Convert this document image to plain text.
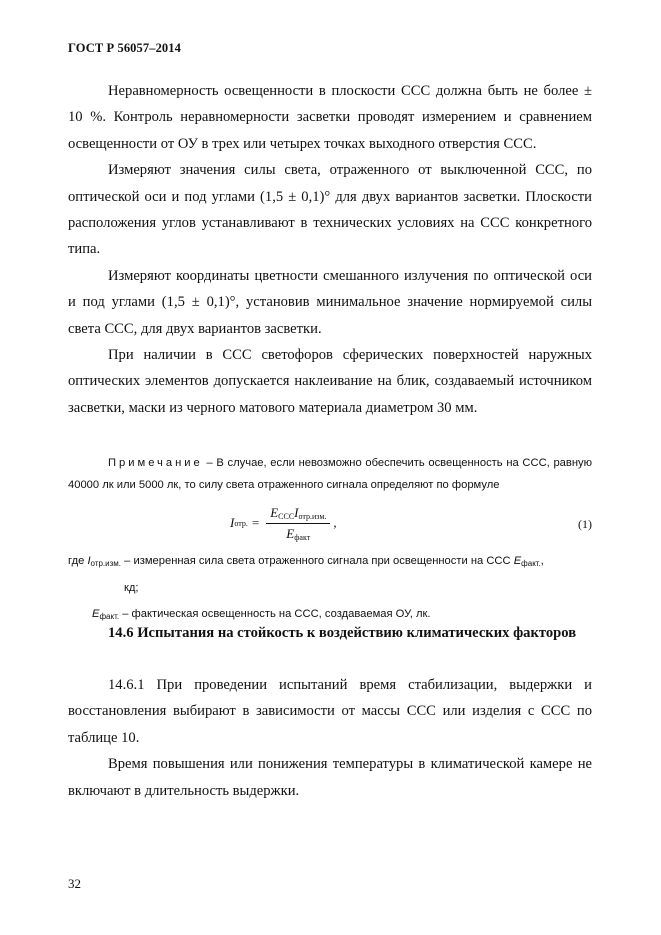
ГОСТ Р 56057–2014

Неравномерность освещенности в плоскости ССС должна быть не более ± 10 %. Контроль неравномерности засветки проводят измерением и сравнением освещенности от ОУ в трех или четырех точках выходного отверстия ССС.

Измеряют значения силы света, отраженного от выключенной ССС, по оптической оси и под углами (1,5 ± 0,1)° для двух вариантов засветки. Плоскости расположения углов устанавливают в технических условиях на ССС конкретного типа.

Измеряют координаты цветности смешанного излучения по оптической оси и под углами (1,5 ± 0,1)°, установив минимальное значение нормируемой силы света ССС, для двух вариантов засветки.

При наличии в ССС светофоров сферических поверхностей наружных оптических элементов допускается наклеивание на блик, создаваемый источником засветки, маски из черного матового материала диаметром 30 мм.

Примечание – В случае, если невозможно обеспечить освещенность на ССС, равную 40000 лк или 5000 лк, то силу света отраженного сигнала определяют по формуле

I отр. = $\frac{E_{ССС}I_{отр.изм.}}{E_{факт}}$ ,	(1)

где $I_{отр.изм.}$ – измеренная сила света отраженного сигнала при освещенности на ССС $E_{факт.}$,

кд;

$E_{факт.}$ – фактическая освещенность на ССС, создаваемая ОУ, лк.

14.6 Испытания на стойкость к воздействию климатических факторов

14.6.1 При проведении испытаний время стабилизации, выдержки и восстановления выбирают в зависимости от массы ССС или изделия с ССС по таблице 10.

Время повышения или понижения температуры в климатической камере не включают в длительность выдержки.

32
